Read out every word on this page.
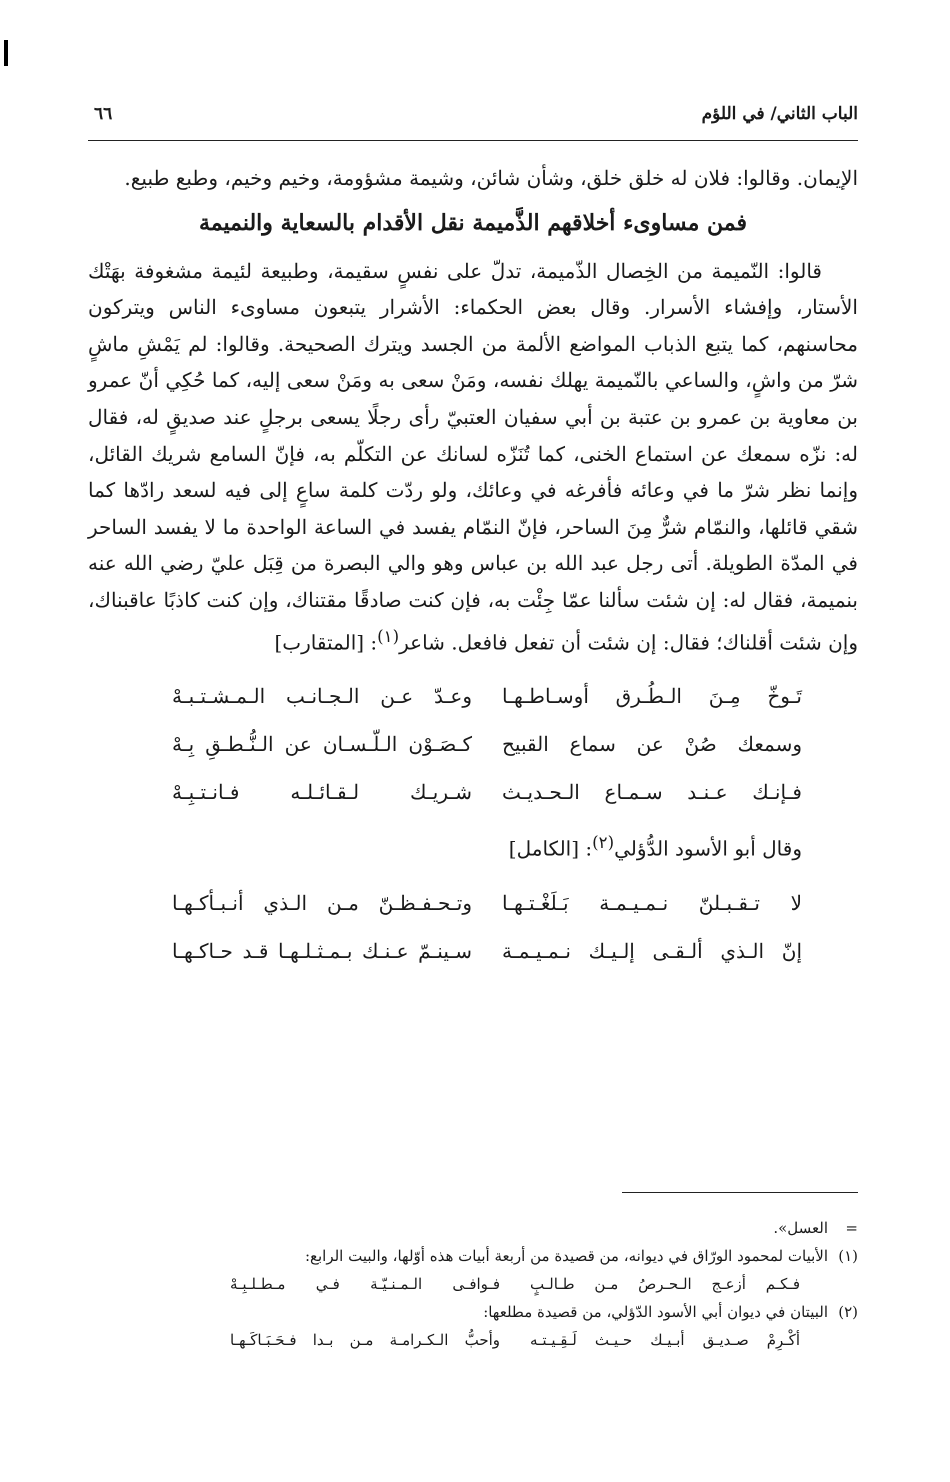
الباب الثاني/ في اللؤم
٦٦

الإيمان. وقالوا: فلان له خلق خلق، وشأن شائن، وشيمة مشؤومة، وخيم وخيم، وطبع طبيع.

فمن مساوىء أخلاقهم الذَّميمة نقل الأقدام بالسعاية والنميمة

قالوا: النّميمة من الخِصال الذّميمة، تدلّ على نفسٍ سقيمة، وطبيعة لئيمة مشغوفة بهَتْك الأستار، وإفشاء الأسرار. وقال بعض الحكماء: الأشرار يتبعون مساوىء الناس ويتركون محاسنهم، كما يتبع الذباب المواضع الألمة من الجسد ويترك الصحيحة. وقالوا: لم يَمْشِ ماشٍ شرّ من واشٍ، والساعي بالنّميمة يهلك نفسه، ومَنْ سعى به ومَنْ سعى إليه، كما حُكِي أنّ عمرو بن معاوية بن عمرو بن عتبة بن أبي سفيان العتبيّ رأى رجلًا يسعى برجلٍ عند صديقٍ له، فقال له: نزّه سمعك عن استماع الخنى، كما تُنَزّه لسانك عن التكلّم به، فإنّ السامع شريك القائل، وإنما نظر شرّ ما في وعائه فأفرغه في وعائك، ولو ردّت كلمة ساعٍ إلى فيه لسعد رادّها كما شقي قائلها، والنمّام شرٌّ مِنَ الساحر، فإنّ النمّام يفسد في الساعة الواحدة ما لا يفسد الساحر في المدّة الطويلة. أتى رجل عبد الله بن عباس وهو والي البصرة من قِبَل عليّ رضي الله عنه بنميمة، فقال له: إن شئت سألنا عمّا جِئْت به، فإن كنت صادقًا مقتناك، وإن كنت كاذبًا عاقبناك، وإن شئت أقلناك؛ فقال: إن شئت أن تفعل فافعل. شاعر$^{(١)}$: [المتقارب]

تَـوخّ مِـنَ الـطُـرق أوسـاطـهـا
وعـدّ عـن الـجـانـب الـمـشـتـبـهْ
وسمعك صُنْ عن سماع القبيح
كـصَـوْن الـلّـسـان عن الـنُّـطـقِ بِـهْ
فـإنـك عـنـد سـمـاع الـحـديـث
شـريـك لـقـائـلـه فـانـتـبِـهْ

وقال أبو الأسود الدُّؤلي$^{(٢)}$: [الكامل]

لا تـقـبـلنّ نـمـيـمـة بَـلَغْـتـهـا
وتـحـفـظـنّ مـن الـذي أنـبـأكـهـا
إنّ الـذي ألـقـى إلـيـك نـمـيـمـة
سـينـمّ عـنـك بـمـثـلـهـا قـد حـاكـهـا

=العسل».

(١)الأبيات لمحمود الورّاق في ديوانه، من قصيدة من أربعة أبيات هذه أوّلها، والبيت الرابع:

فـكـم أزعـج الـحـرصُ مـن طـالـبٍ
فـوافـى الـمـنـيّـة فـي مـطـلـبِـهْ

(٢)البيتان في ديوان أبي الأسود الدّؤلي، من قصيدة مطلعها:

أكْـرِمْ صـديـق أبـيـك حـيـث لَـقِـيـتـه
وأحبُّ الـكـرامـة مـن بـدا فـحَـبَـاكَـهـا
